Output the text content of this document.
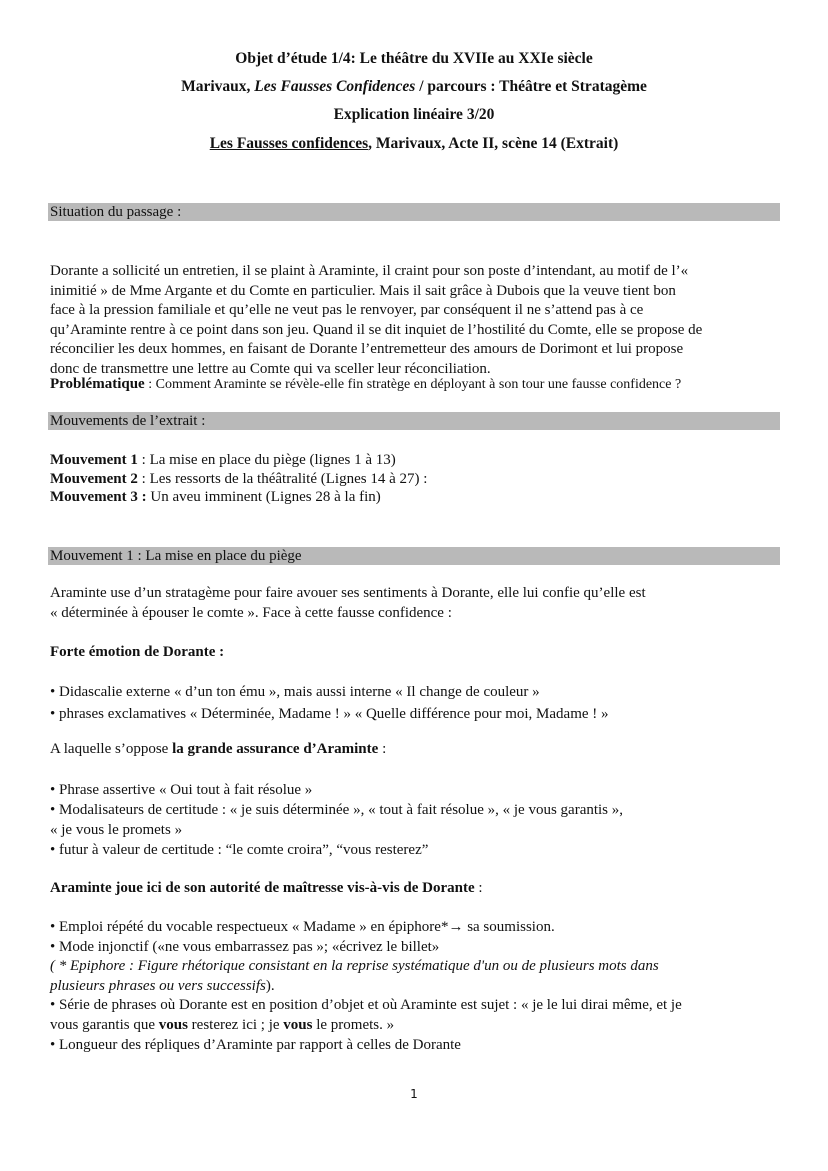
Objet d’étude 1/4: Le théâtre du XVIIe au XXIe siècle
Marivaux, Les Fausses Confidences / parcours : Théâtre et Stratagème
Explication linéaire 3/20
Les Fausses confidences, Marivaux, Acte II, scène 14 (Extrait)
Situation du passage :
Dorante a sollicité un entretien, il se plaint à Araminte, il craint pour son poste d’intendant, au motif de l’«
inimitié » de Mme Argante et du Comte en particulier. Mais il sait grâce à Dubois que la veuve tient bon
face à la pression familiale et qu’elle ne veut pas le renvoyer, par conséquent il ne s’attend pas à ce
qu’Araminte rentre à ce point dans son jeu. Quand il se dit inquiet de l’hostilité du Comte, elle se propose de
réconcilier les deux hommes, en faisant de Dorante l’entremetteur des amours de Dorimont et lui propose
donc de transmettre une lettre au Comte qui va sceller leur réconciliation.
Problématique : Comment Araminte se révèle-elle fin stratège en déployant à son tour une fausse confidence ?
Mouvements de l’extrait :
Mouvement 1 : La mise en place du piège (lignes 1 à 13)
Mouvement 2 : Les ressorts de la théâtralité (Lignes 14 à 27) :
Mouvement 3 : Un aveu imminent (Lignes 28 à la fin)
Mouvement 1 : La mise en place du piège
Araminte use d’un stratagème pour faire avouer ses sentiments à Dorante, elle lui confie qu’elle est
« déterminée à épouser le comte ». Face à cette fausse confidence :
Forte émotion de Dorante :
• Didascalie externe « d’un ton ému », mais aussi interne « Il change de couleur »
• phrases exclamatives « Déterminée, Madame ! » « Quelle différence pour moi, Madame ! »
A laquelle s’oppose la grande assurance d’Araminte :
• Phrase assertive « Oui tout à fait résolue »
• Modalisateurs de certitude : « je suis déterminée », « tout à fait résolue », « je vous garantis »,
« je vous le promets »
• futur à valeur de certitude : “le comte croira”, “vous resterez”
Araminte joue ici de son autorité de maîtresse vis-à-vis de Dorante :
• Emploi répété du vocable respectueux « Madame » en épiphore*→ sa soumission.
• Mode injonctif («ne vous embarrassez pas »; «écrivez le billet»
( * Epiphore : Figure rhétorique consistant en la reprise systématique d'un ou de plusieurs mots dans
plusieurs phrases ou vers successifs).
• Série de phrases où Dorante est en position d’objet et où Araminte est sujet : « je le lui dirai même, et je
vous garantis que vous resterez ici ; je vous le promets. »
• Longueur des répliques d’Araminte par rapport à celles de Dorante
1
